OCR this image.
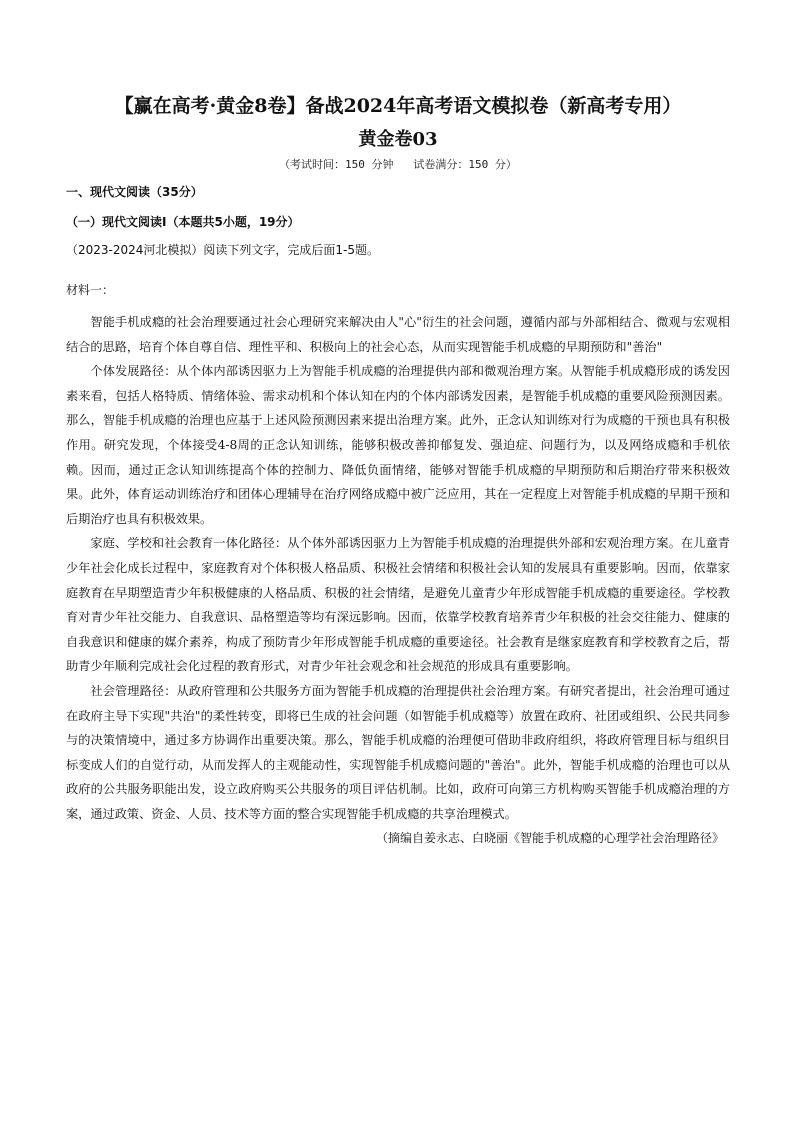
【赢在高考·黄金8卷】备战2024年高考语文模拟卷（新高考专用）
黄金卷03
（考试时间：150 分钟   试卷满分：150 分）
一、现代文阅读（35分）
（一）现代文阅读Ⅰ（本题共5小题，19分）
（2023-2024河北模拟）阅读下列文字，完成后面1-5题。
材料一：

智能手机成瘾的社会治理要通过社会心理研究来解决由人"心"衍生的社会问题，遵循内部与外部相结合、微观与宏观相结合的思路，培育个体自尊自信、理性平和、积极向上的社会心态，从而实现智能手机成瘾的早期预防和"善治"

个体发展路径：从个体内部诱因驱力上为智能手机成瘾的治理提供内部和微观治理方案。从智能手机成瘾形成的诱发因素来看，包括人格特质、情绪体验、需求动机和个体认知在内的个体内部诱发因素，是智能手机成瘾的重要风险预测因素。那么，智能手机成瘾的治理也应基于上述风险预测因素来提出治理方案。此外，正念认知训练对行为成瘾的干预也具有积极作用。研究发现，个体接受4-8周的正念认知训练，能够积极改善抑郁复发、强迫症、问题行为，以及网络成瘾和手机依赖。因而，通过正念认知训练提高个体的控制力、降低负面情绪，能够对智能手机成瘾的早期预防和后期治疗带来积极效果。此外，体育运动训练治疗和团体心理辅导在治疗网络成瘾中被广泛应用，其在一定程度上对智能手机成瘾的早期干预和后期治疗也具有积极效果。

家庭、学校和社会教育一体化路径：从个体外部诱因驱力上为智能手机成瘾的治理提供外部和宏观治理方案。在儿童青少年社会化成长过程中，家庭教育对个体积极人格品质、积极社会情绪和积极社会认知的发展具有重要影响。因而，依靠家庭教育在早期塑造青少年积极健康的人格品质、积极的社会情绪，是避免儿童青少年形成智能手机成瘾的重要途径。学校教育对青少年社交能力、自我意识、品格塑造等均有深远影响。因而，依靠学校教育培养青少年积极的社会交往能力、健康的自我意识和健康的媒介素养，构成了预防青少年形成智能手机成瘾的重要途径。社会教育是继家庭教育和学校教育之后，帮助青少年顺利完成社会化过程的教育形式，对青少年社会观念和社会规范的形成具有重要影响。

社会管理路径：从政府管理和公共服务方面为智能手机成瘾的治理提供社会治理方案。有研究者提出，社会治理可通过在政府主导下实现"共治"的柔性转变，即将已生成的社会问题（如智能手机成瘾等）放置在政府、社团或组织、公民共同参与的决策情境中，通过多方协调作出重要决策。那么，智能手机成瘾的治理便可借助非政府组织，将政府管理目标与组织目标变成人们的自觉行动，从而发挥人的主观能动性，实现智能手机成瘾问题的"善治"。此外，智能手机成瘾的治理也可以从政府的公共服务职能出发，设立政府购买公共服务的项目评估机制。比如，政府可向第三方机构购买智能手机成瘾治理的方案，通过政策、资金、人员、技术等方面的整合实现智能手机成瘾的共享治理模式。

（摘编自姜永志、白晓丽《智能手机成瘾的心理学社会治理路径》
